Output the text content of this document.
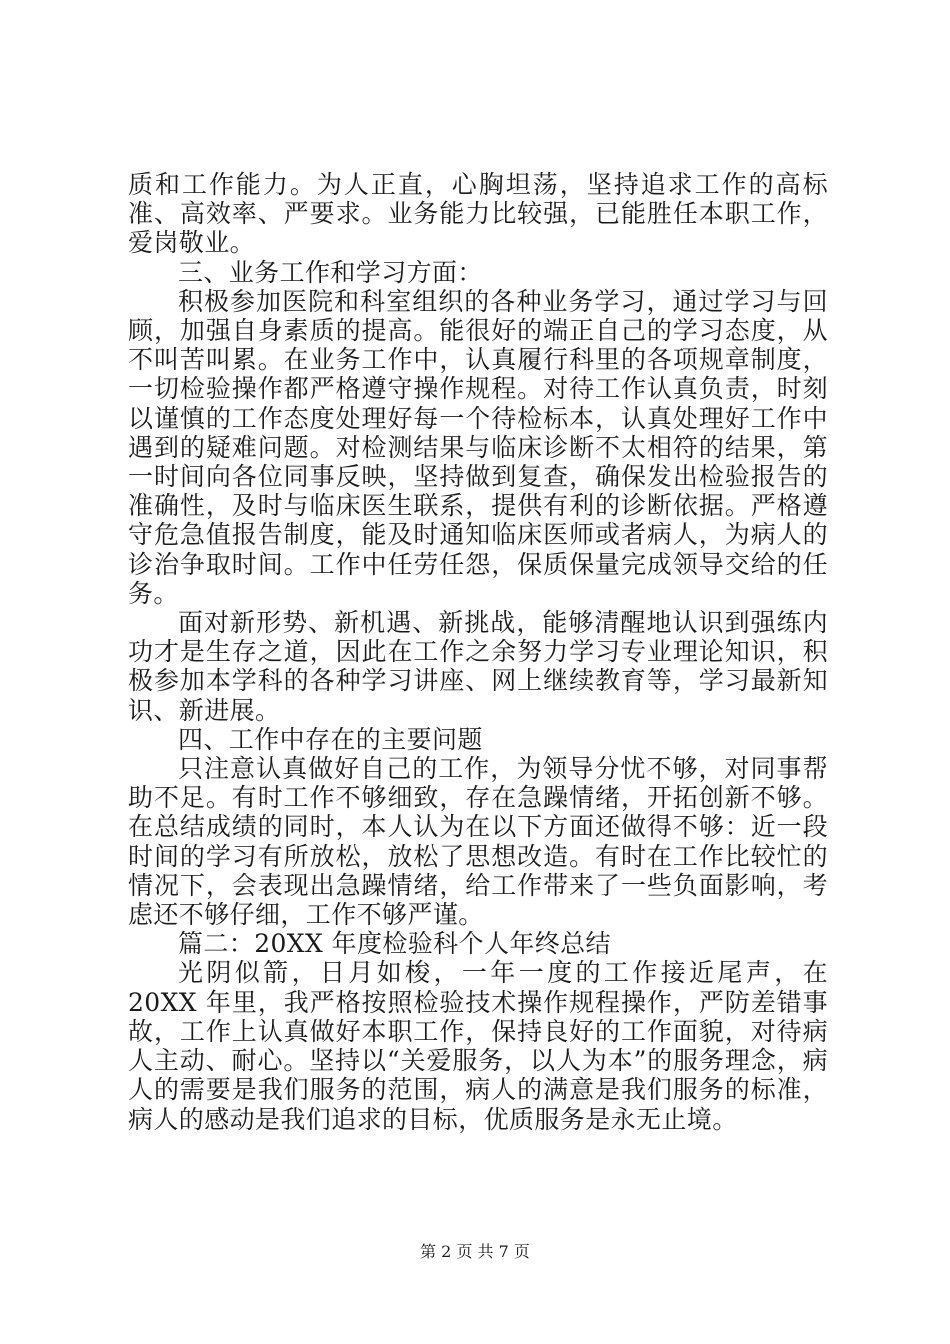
质和工作能力。为人正直，心胸坦荡，坚持追求工作的高标准、高效率、严要求。业务能力比较强，已能胜任本职工作，爱岗敬业。

三、业务工作和学习方面：

积极参加医院和科室组织的各种业务学习，通过学习与回顾，加强自身素质的提高。能很好的端正自己的学习态度，从不叫苦叫累。在业务工作中，认真履行科里的各项规章制度，一切检验操作都严格遵守操作规程。对待工作认真负责，时刻以谨慎的工作态度处理好每一个待检标本，认真处理好工作中遇到的疑难问题。对检测结果与临床诊断不太相符的结果，第一时间向各位同事反映，坚持做到复查，确保发出检验报告的准确性，及时与临床医生联系，提供有利的诊断依据。严格遵守危急值报告制度，能及时通知临床医师或者病人，为病人的诊治争取时间。工作中任劳任怨，保质保量完成领导交给的任务。

面对新形势、新机遇、新挑战，能够清醒地认识到强练内功才是生存之道，因此在工作之余努力学习专业理论知识，积极参加本学科的各种学习讲座、网上继续教育等，学习最新知识、新进展。

四、工作中存在的主要问题

只注意认真做好自己的工作，为领导分忧不够，对同事帮助不足。有时工作不够细致，存在急躁情绪，开拓创新不够。在总结成绩的同时，本人认为在以下方面还做得不够：近一段时间的学习有所放松，放松了思想改造。有时在工作比较忙的情况下，会表现出急躁情绪，给工作带来了一些负面影响，考虑还不够仔细，工作不够严谨。

篇二：20XX 年度检验科个人年终总结

光阴似箭，日月如梭，一年一度的工作接近尾声，在 20XX 年里，我严格按照检验技术操作规程操作，严防差错事故，工作上认真做好本职工作，保持良好的工作面貌，对待病人主动、耐心。坚持以“关爱服务，以人为本”的服务理念，病人的需要是我们服务的范围，病人的满意是我们服务的标准，病人的感动是我们追求的目标，优质服务是永无止境。

第 2 页 共 7 页
